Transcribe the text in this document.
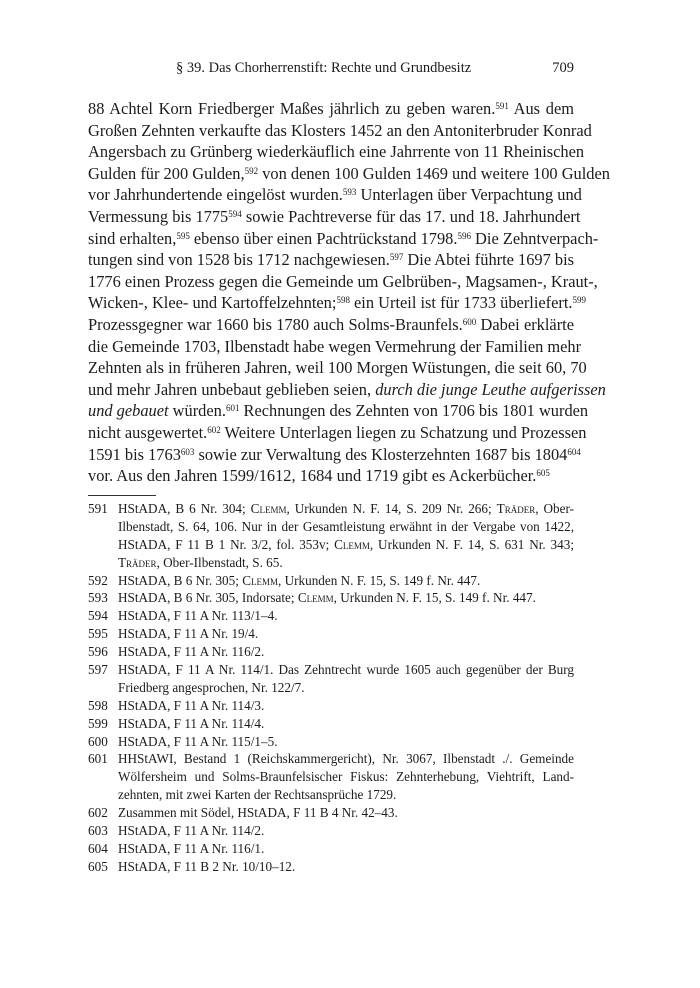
§ 39. Das Chorherrenstift: Rechte und Grundbesitz	709
88 Achtel Korn Friedberger Maßes jährlich zu geben waren.$^{591}$ Aus dem
Großen Zehnten verkaufte das Klosters 1452 an den Antoniterbruder Konrad
Angersbach zu Grünberg wiederkäuflich eine Jahrrente von 11 Rheinischen
Gulden für 200 Gulden,$^{592}$ von denen 100 Gulden 1469 und weitere 100 Gulden
vor Jahrhundertende eingelöst wurden.$^{593}$ Unterlagen über Verpachtung und
Vermessung bis 1775$^{594}$ sowie Pachtreverse für das 17. und 18. Jahrhundert
sind erhalten,$^{595}$ ebenso über einen Pachtrückstand 1798.$^{596}$ Die Zehntverpach-
tungen sind von 1528 bis 1712 nachgewiesen.$^{597}$ Die Abtei führte 1697 bis
1776 einen Prozess gegen die Gemeinde um Gelbrüben-, Magsamen-, Kraut-,
Wicken-, Klee- und Kartoffelzehnten;$^{598}$ ein Urteil ist für 1733 überliefert.$^{599}$
Prozessgegner war 1660 bis 1780 auch Solms-Braunfels.$^{600}$ Dabei erklärte
die Gemeinde 1703, Ilbenstadt habe wegen Vermehrung der Familien mehr
Zehnten als in früheren Jahren, weil 100 Morgen Wüstungen, die seit 60, 70
und mehr Jahren unbebaut geblieben seien, durch die junge Leuthe aufgerissen
und gebauet würden.$^{601}$ Rechnungen des Zehnten von 1706 bis 1801 wurden
nicht ausgewertet.$^{602}$ Weitere Unterlagen liegen zu Schatzung und Prozessen
1591 bis 1763$^{603}$ sowie zur Verwaltung des Klosterzehnten 1687 bis 1804$^{604}$
vor. Aus den Jahren 1599/1612, 1684 und 1719 gibt es Ackerbücher.$^{605}$
591 HStADA, B 6 Nr. 304; Clemm, Urkunden N. F. 14, S. 209 Nr. 266; Träder, Ober-
Ilbenstadt, S. 64, 106. Nur in der Gesamtleistung erwähnt in der Vergabe von 1422,
HStADA, F 11 B 1 Nr. 3/2, fol. 353v; Clemm, Urkunden N. F. 14, S. 631 Nr. 343;
Träder, Ober-Ilbenstadt, S. 65.
592 HStADA, B 6 Nr. 305; Clemm, Urkunden N. F. 15, S. 149 f. Nr. 447.
593 HStADA, B 6 Nr. 305, Indorsate; Clemm, Urkunden N. F. 15, S. 149 f. Nr. 447.
594 HStADA, F 11 A Nr. 113/1–4.
595 HStADA, F 11 A Nr. 19/4.
596 HStADA, F 11 A Nr. 116/2.
597 HStADA, F 11 A Nr. 114/1. Das Zehntrecht wurde 1605 auch gegenüber der Burg
Friedberg angesprochen, Nr. 122/7.
598 HStADA, F 11 A Nr. 114/3.
599 HStADA, F 11 A Nr. 114/4.
600 HStADA, F 11 A Nr. 115/1–5.
601 HHStAWI, Bestand 1 (Reichskammergericht), Nr. 3067, Ilbenstadt ./. Gemeinde
Wölfersheim und Solms-Braunfelsischer Fiskus: Zehnterhebung, Viehtrift, Land-
zehnten, mit zwei Karten der Rechtsansprüche 1729.
602 Zusammen mit Södel, HStADA, F 11 B 4 Nr. 42–43.
603 HStADA, F 11 A Nr. 114/2.
604 HStADA, F 11 A Nr. 116/1.
605 HStADA, F 11 B 2 Nr. 10/10–12.
